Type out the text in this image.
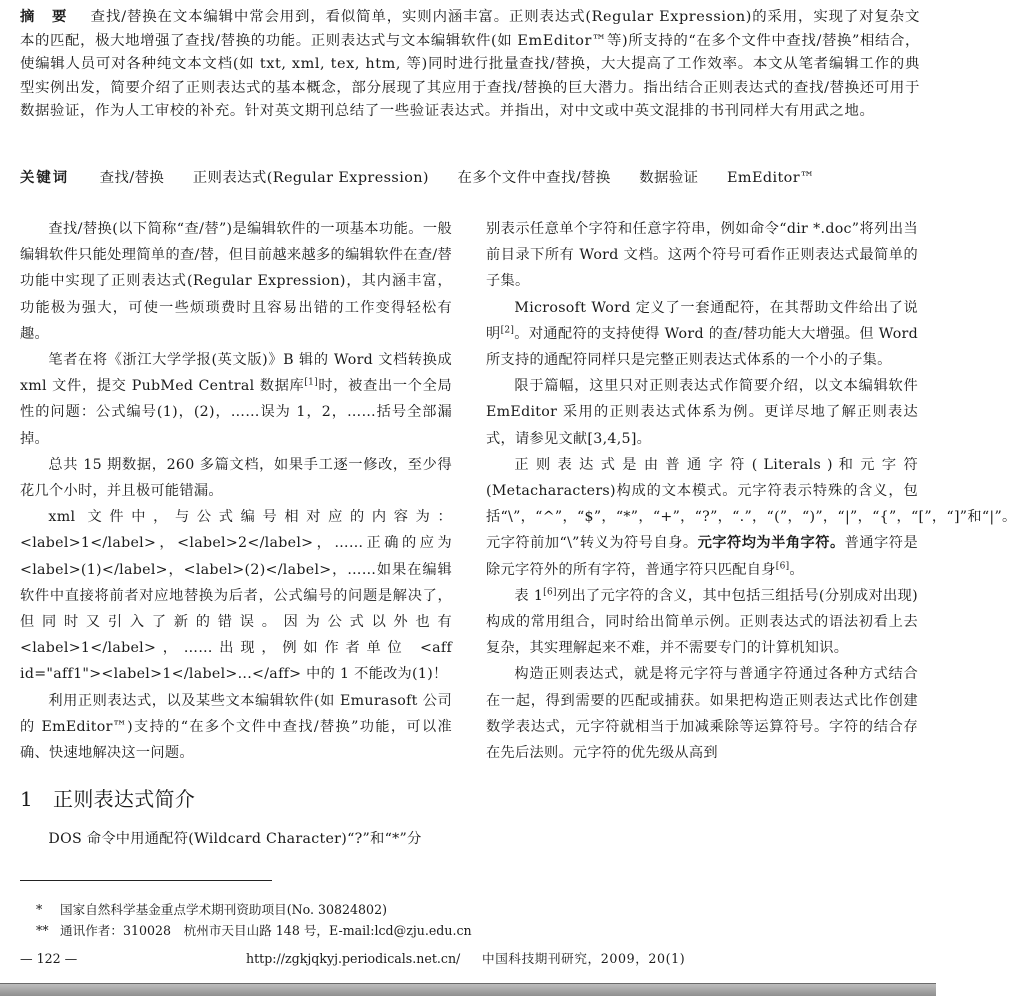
摘 要 查找/替换在文本编辑中常会用到，看似简单，实则内涵丰富。正则表达式(Regular Expression)的采用，实现了对复杂文本的匹配，极大地增强了查找/替换的功能。正则表达式与文本编辑软件(如 EmEditor™等)所支持的“在多个文件中查找/替换”相结合，使编辑人员可对各种纯文本文档(如 txt, xml, tex, htm, 等)同时进行批量查找/替换，大大提高了工作效率。本文从笔者编辑工作的典型实例出发，简要介绍了正则表达式的基本概念，部分展现了其应用于查找/替换的巨大潜力。指出结合正则表达式的查找/替换还可用于数据验证，作为人工审校的补充。针对英文期刊总结了一些验证表达式。并指出，对中文或中英文混排的书刊同样大有用武之地。
关键词 查找/替换 正则表达式(Regular Expression) 在多个文件中查找/替换 数据验证 EmEditor™

查找/替换(以下简称“查/替”)是编辑软件的一项基本功能。一般编辑软件只能处理简单的查/替，但目前越来越多的编辑软件在查/替功能中实现了正则表达式(Regular Expression)，其内涵丰富，功能极为强大，可使一些烦琐费时且容易出错的工作变得轻松有趣。

笔者在将《浙江大学学报(英文版)》B 辑的 Word 文档转换成 xml 文件，提交 PubMed Central 数据库[1]时，被查出一个全局性的问题：公式编号(1)，(2)，……误为 1，2，……括号全部漏掉。

总共 15 期数据，260 多篇文档，如果手工逐一修改，至少得花几个小时，并且极可能错漏。

xml 文件中，与公式编号相对应的内容为：<label>1</label>，<label>2</label>，……正确的应为 <label>(1)</label>，<label>(2)</label>，……如果在编辑软件中直接将前者对应地替换为后者，公式编号的问题是解决了，但同时又引入了新的错误。因为公式以外也有 <label>1</label>，……出现，例如作者单位 <aff id="aff1"><label>1</label>...</aff> 中的 1 不能改为(1)！

利用正则表达式，以及某些文本编辑软件(如 Emurasoft 公司的 EmEditor™)支持的“在多个文件中查找/替换”功能，可以准确、快速地解决这一问题。

1 正则表达式简介

DOS 命令中用通配符(Wildcard Character)“?”和“*”分

别表示任意单个字符和任意字符串，例如命令“dir *.doc”将列出当前目录下所有 Word 文档。这两个符号可看作正则表达式最简单的子集。

Microsoft Word 定义了一套通配符，在其帮助文件给出了说明[2]。对通配符的支持使得 Word 的查/替功能大大增强。但 Word 所支持的通配符同样只是完整正则表达式体系的一个小的子集。

限于篇幅，这里只对正则表达式作简要介绍，以文本编辑软件 EmEditor 采用的正则表达式体系为例。更详尽地了解正则表达式，请参见文献[3,4,5]。

正 则 表 达 式 是 由 普 通 字 符 ( Literals ) 和 元 字 符 (Metacharacters)构成的文本模式。元字符表示特殊的含义，包括“\”，“^”，“$”，“*”，“+”，“?”，“.”，“(”，“)”，“|”，“{”，“[”，“]”和“|”。元字符前加“\”转义为符号自身。元字符均为半角字符。普通字符是除元字符外的所有字符，普通字符只匹配自身[6]。

表 1[6]列出了元字符的含义，其中包括三组括号(分别成对出现)构成的常用组合，同时给出简单示例。正则表达式的语法初看上去复杂，其实理解起来不难，并不需要专门的计算机知识。

构造正则表达式，就是将元字符与普通字符通过各种方式结合在一起，得到需要的匹配或捕获。如果把构造正则表达式比作创建数学表达式，元字符就相当于加减乘除等运算符号。字符的结合存在先后法则。元字符的优先级从高到

* 国家自然科学基金重点学术期刊资助项目(No. 30824802)
** 通讯作者：310028　杭州市天目山路 148 号，E-mail:lcd@zju.edu.cn
— 122 —	http://zgkjqkyj.periodicals.net.cn/ 中国科技期刊研究，2009，20(1)
